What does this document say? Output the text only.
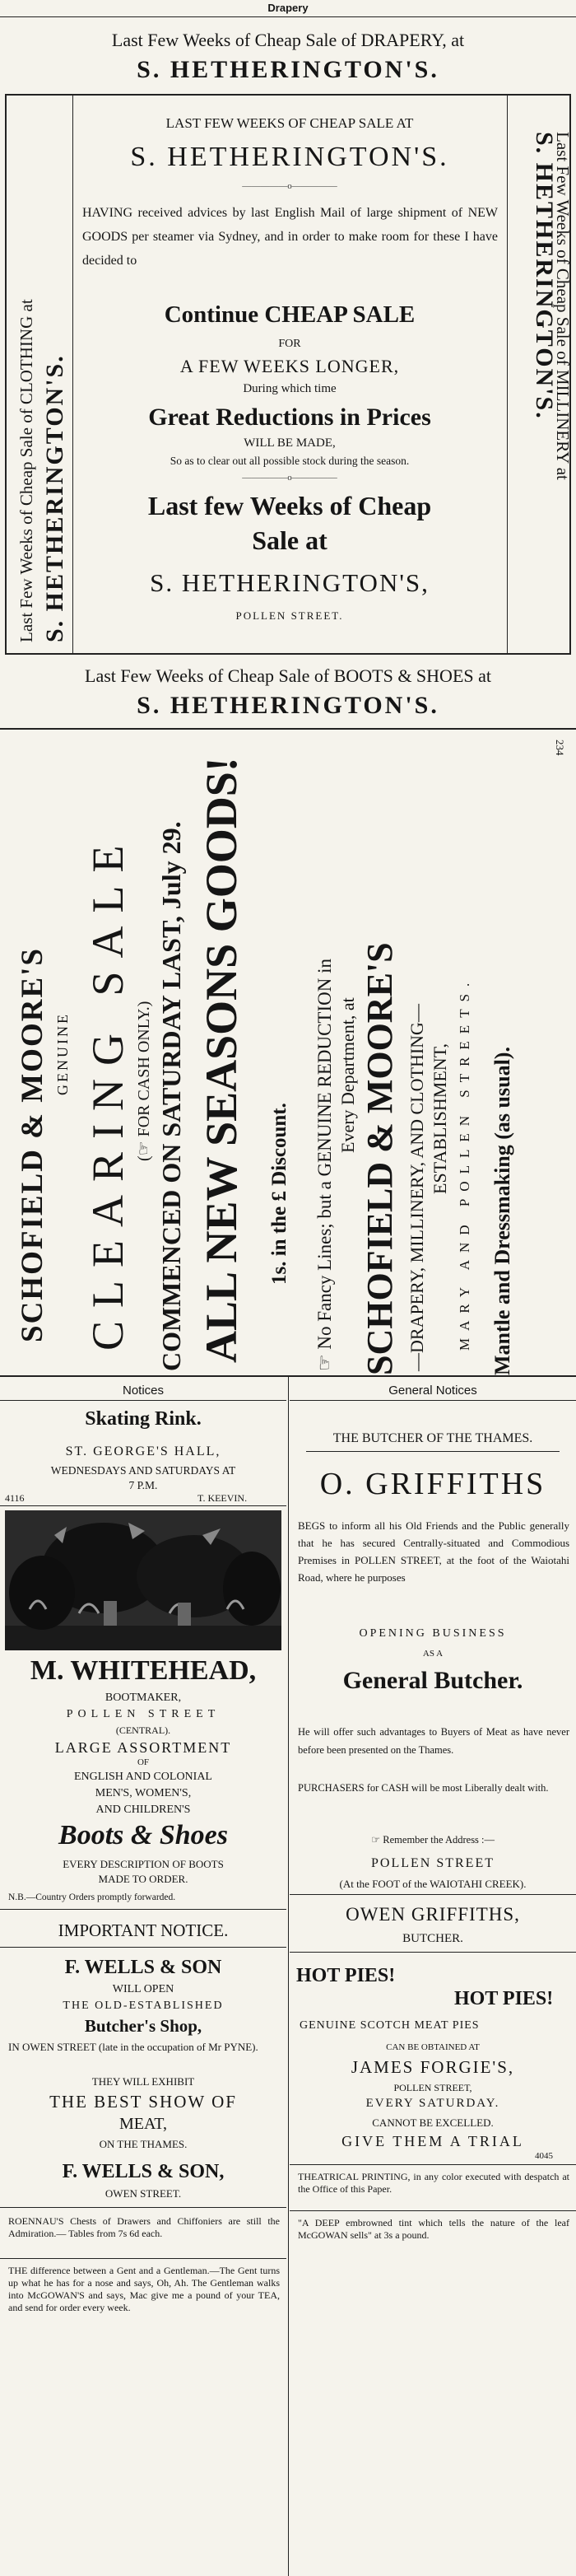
Drapery
Last Few Weeks of Cheap Sale of DRAPERY, at
S. HETHERINGTON'S.
Last Few Weeks of Cheap Sale of CLOTHING at S. HETHERINGTON'S.
S. HETHERINGTON'S.
Last Few Weeks of Cheap Sale of MILLINERY at
LAST FEW WEEKS OF CHEAP SALE AT
S. HETHERINGTON'S.
—————o—————
HAVING received advices by last English Mail of large shipment of NEW GOODS per steamer via Sydney, and in order to make room for these I have decided to
Continue CHEAP SALE
FOR
A FEW WEEKS LONGER,
During which time
Great Reductions in Prices
WILL BE MADE,
So as to clear out all possible stock during the season.
—————o—————
Last few Weeks of Cheap
Sale at
S. HETHERINGTON'S,
POLLEN STREET.
Last Few Weeks of Cheap Sale of BOOTS & SHOES at
S. HETHERINGTON'S.
SCHOFIELD & MOORE'S GENUINE CLEARING SALE (☞ FOR CASH ONLY.) COMMENCED ON SATURDAY LAST, July 29. ALL NEW SEASONS GOODS! 1s. in the £ Discount. ☞ No Fancy Lines; but a GENUINE REDUCTION in Every Department, at SCHOFIELD & MOORE'S —DRAPERY, MILLINERY, AND CLOTHING— ESTABLISHMENT, MARY AND POLLEN STREETS. Mantle and Dressmaking (as usual).
234
Notices
Skating Rink.
ST. GEORGE'S HALL,
WEDNESDAYS AND SATURDAYS AT
7 P.M.
4116	T. KEEVIN.
M. WHITEHEAD,
BOOTMAKER,
POLLEN STREET
(CENTRAL).
LARGE ASSORTMENT
OF
ENGLISH AND COLONIAL
MEN'S, WOMEN'S,
AND CHILDREN'S
Boots & Shoes
EVERY DESCRIPTION OF BOOTS
MADE TO ORDER.
N.B.—Country Orders promptly forwarded.
IMPORTANT NOTICE.
F. WELLS & SON
WILL OPEN
THE OLD-ESTABLISHED
Butcher's Shop,
IN OWEN STREET (late in the occupation of Mr PYNE).
THEY WILL EXHIBIT
THE BEST SHOW OF
MEAT,
ON THE THAMES.
F. WELLS & SON,
OWEN STREET.
ROENNAU'S Chests of Drawers and Chiffoniers are still the Admiration.— Tables from 7s 6d each.
THE difference between a Gent and a Gentleman.—The Gent turns up what he has for a nose and says, Oh, Ah. The Gentleman walks into McGOWAN'S and says, Mac give me a pound of your TEA, and send for order every week.
General Notices
THE BUTCHER OF THE THAMES.
O. GRIFFITHS
BEGS to inform all his Old Friends and the Public generally that he has secured Centrally-situated and Commodious Premises in POLLEN STREET, at the foot of the Waiotahi Road, where he purposes
OPENING BUSINESS
AS A
General Butcher.
He will offer such advantages to Buyers of Meat as have never before been presented on the Thames.
PURCHASERS for CASH will be most Liberally dealt with.
☞ Remember the Address :—
POLLEN STREET
(At the FOOT of the WAIOTAHI CREEK).
OWEN GRIFFITHS,
BUTCHER.
HOT PIES!
HOT PIES!
GENUINE SCOTCH MEAT PIES
CAN BE OBTAINED AT
JAMES FORGIE'S,
POLLEN STREET,
EVERY SATURDAY.
CANNOT BE EXCELLED.
GIVE THEM A TRIAL
4045
THEATRICAL PRINTING, in any color executed with despatch at the Office of this Paper.
"A DEEP embrowned tint which tells the nature of the leaf McGOWAN sells" at 3s a pound.
